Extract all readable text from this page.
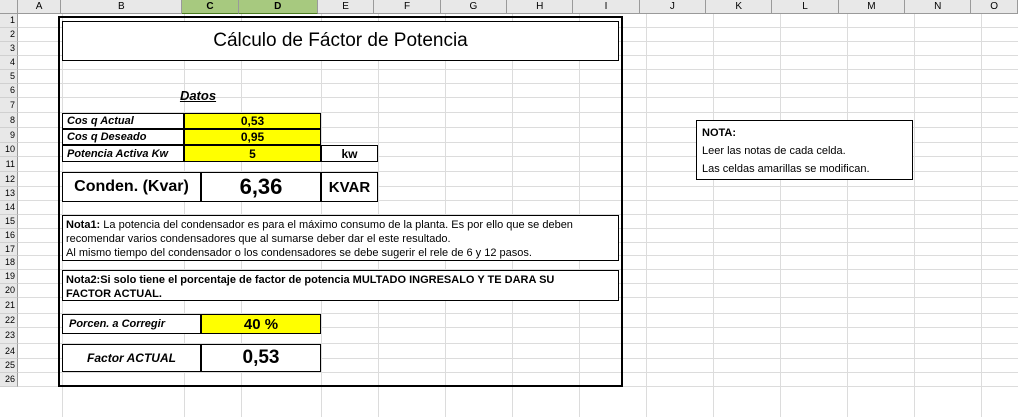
A	B	C	D	E	F	G	H	I	J	K	L	M	N	O
1
2
3
4
5
6
7
8
9
10
11
12
13
14
15
16
17
18
19
20
21
22
23
24
25
26
Cálculo de Fáctor de Potencia
Datos
Cos q Actual	0,53
Cos q Deseado	0,95
Potencia Activa Kw	5	kw
Conden. (Kvar)	6,36	KVAR
Nota1: La potencia del condensador es para el máximo consumo de la planta. Es por ello que se deben
recomendar varios condensadores que al sumarse deber dar el este resultado.
Al mismo tiempo del condensador o los condensadores se debe sugerir el rele de 6 y 12 pasos.
Nota2:Si solo tiene el porcentaje de factor de potencia MULTADO INGRESALO Y TE DARA SU
FACTOR ACTUAL.
Porcen. a Corregir	40 %
Factor ACTUAL	0,53
NOTA:
Leer las notas de cada celda.
Las celdas amarillas se modifican.
